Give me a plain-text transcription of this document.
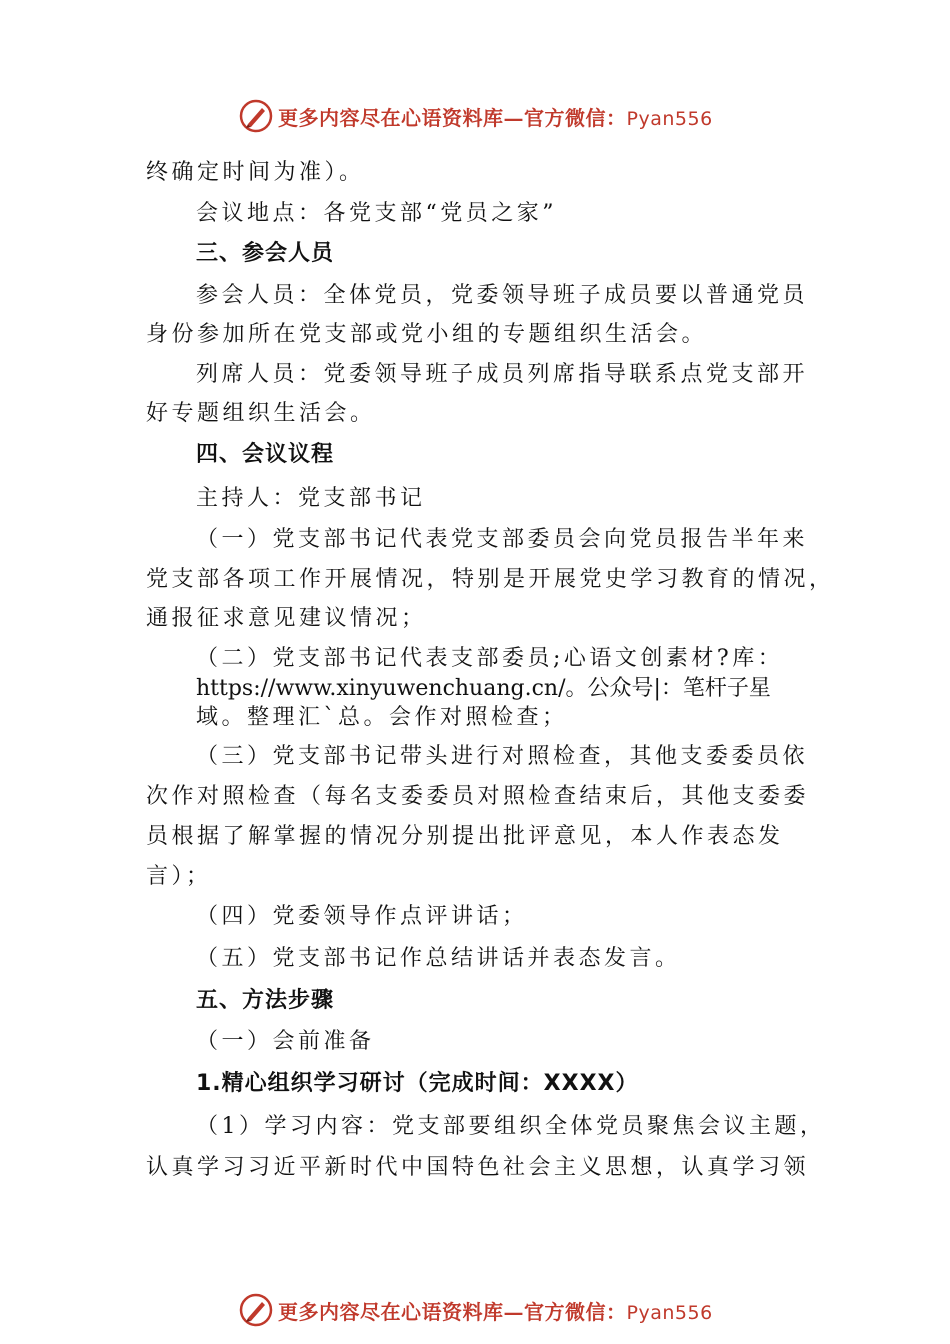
更多内容尽在心语资料库—官方微信：Pyan556
终确定时间为准）。
会议地点：各党支部“党员之家”
三、参会人员
参会人员：全体党员，党委领导班子成员要以普通党员
身份参加所在党支部或党小组的专题组织生活会。
列席人员：党委领导班子成员列席指导联系点党支部开
好专题组织生活会。
四、会议议程
主持人：党支部书记
（一）党支部书记代表党支部委员会向党员报告半年来
党支部各项工作开展情况，特别是开展党史学习教育的情况，
通报征求意见建议情况；
（二）党支部书记代表支部委员;心语文创素材?库：
https://www.xinyuwenchuang.cn/。公众号|：笔杆子星
域。整理汇`总。会作对照检查；
（三）党支部书记带头进行对照检查，其他支委委员依
次作对照检查（每名支委委员对照检查结束后，其他支委委
员根据了解掌握的情况分别提出批评意见，本人作表态发
言）；
（四）党委领导作点评讲话；
（五）党支部书记作总结讲话并表态发言。
五、方法步骤
（一）会前准备
1.精心组织学习研讨（完成时间：XXXX）
（1）学习内容：党支部要组织全体党员聚焦会议主题，
认真学习习近平新时代中国特色社会主义思想，认真学习领
更多内容尽在心语资料库—官方微信：Pyan556
